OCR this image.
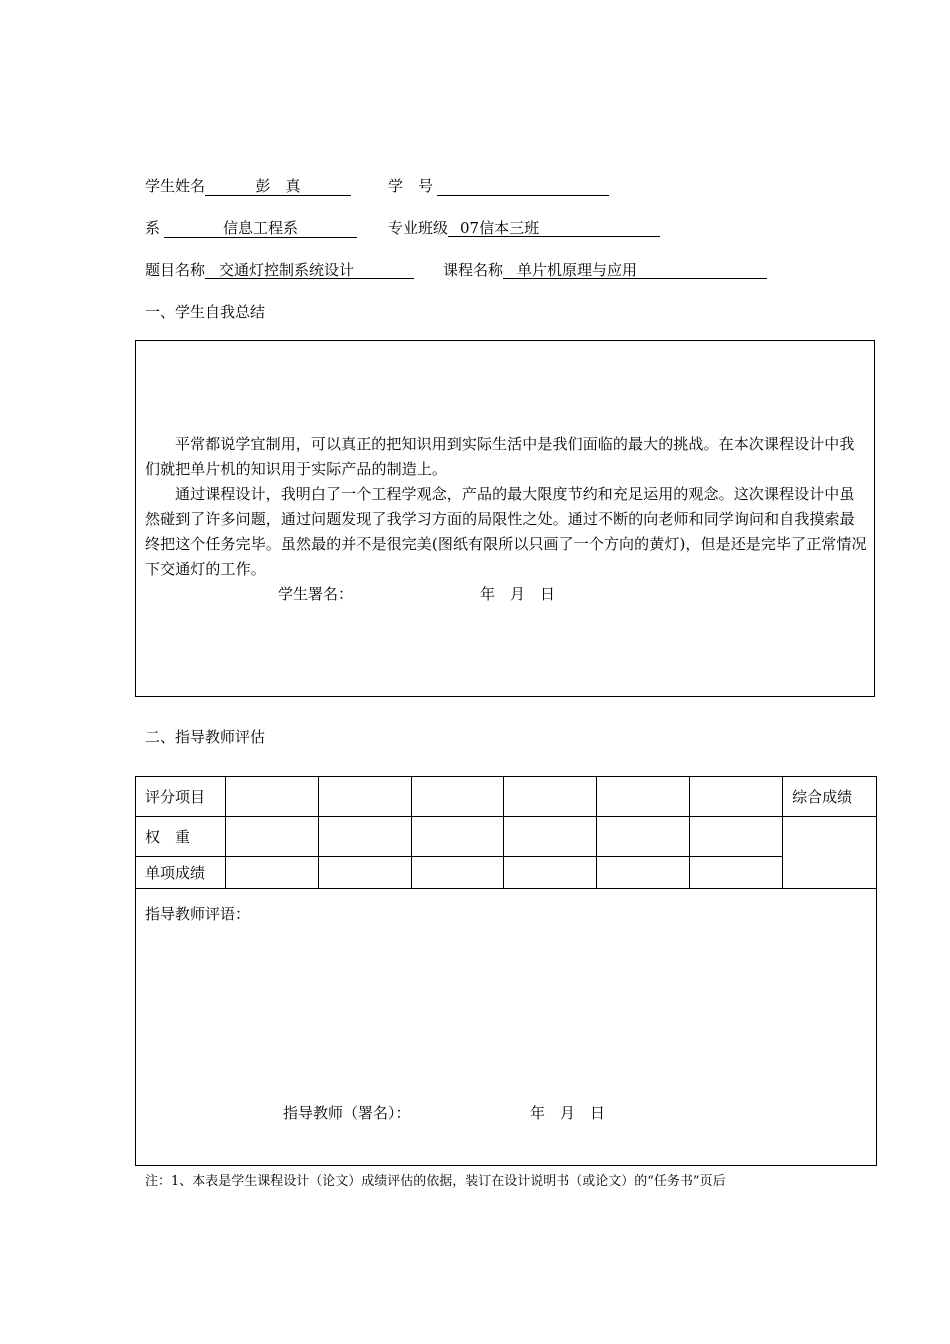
学生姓名	彭　真	学　号
系	信息工程系	专业班级 07信本三班
题目名称 交通灯控制系统设计	课程名称 单片机原理与应用
一、学生自我总结
平常都说学宜制用，可以真正的把知识用到实际生活中是我们面临的最大的挑战。在本次课程设计中我们就把单片机的知识用于实际产品的制造上。
通过课程设计，我明白了一个工程学观念，产品的最大限度节约和充足运用的观念。这次课程设计中虽然碰到了许多问题，通过问题发现了我学习方面的局限性之处。通过不断的向老师和同学询问和自我摸索最终把这个任务完毕。虽然最的并不是很完美(图纸有限所以只画了一个方向的黄灯)，但是还是完毕了正常情况下交通灯的工作。
学生署名：	年　月　日
二、指导教师评估
评分项目							综合成绩
权　重							
单项成绩							
指导教师评语：
指导教师（署名）：	年　月　日
注：1、本表是学生课程设计（论文）成绩评估的依据，装订在设计说明书（或论文）的“任务书”页后
